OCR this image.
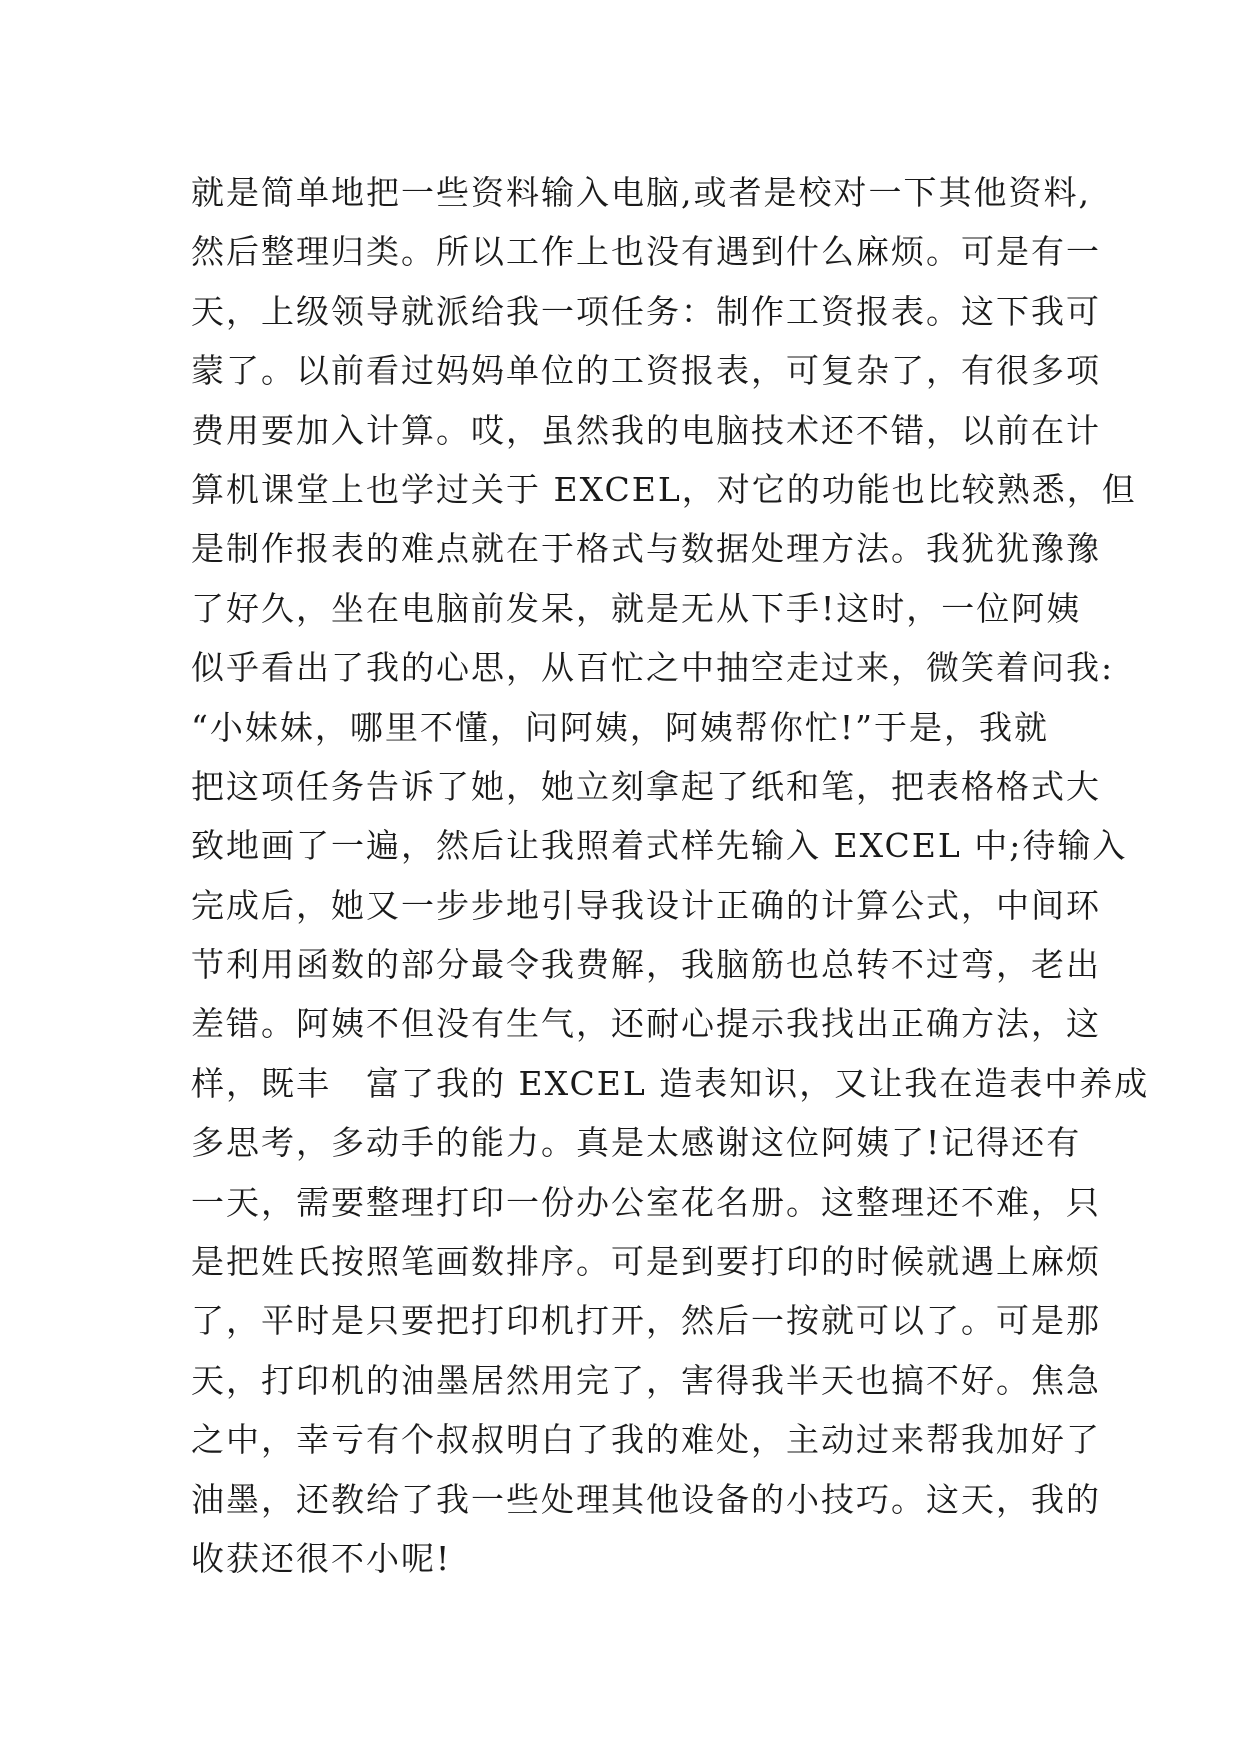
就是简单地把一些资料输入电脑,或者是校对一下其他资料,
然后整理归类。所以工作上也没有遇到什么麻烦。可是有一
天，上级领导就派给我一项任务：制作工资报表。这下我可
蒙了。以前看过妈妈单位的工资报表，可复杂了，有很多项
费用要加入计算。哎，虽然我的电脑技术还不错，以前在计
算机课堂上也学过关于 EXCEL，对它的功能也比较熟悉，但
是制作报表的难点就在于格式与数据处理方法。我犹犹豫豫
了好久，坐在电脑前发呆，就是无从下手!这时，一位阿姨
似乎看出了我的心思，从百忙之中抽空走过来，微笑着问我:
“小妹妹，哪里不懂，问阿姨，阿姨帮你忙!”于是，我就
把这项任务告诉了她，她立刻拿起了纸和笔，把表格格式大
致地画了一遍，然后让我照着式样先输入 EXCEL 中;待输入
完成后，她又一步步地引导我设计正确的计算公式，中间环
节利用函数的部分最令我费解，我脑筋也总转不过弯，老出
差错。阿姨不但没有生气，还耐心提示我找出正确方法，这
样，既丰　富了我的 EXCEL 造表知识，又让我在造表中养成
多思考，多动手的能力。真是太感谢这位阿姨了!记得还有
一天，需要整理打印一份办公室花名册。这整理还不难，只
是把姓氏按照笔画数排序。可是到要打印的时候就遇上麻烦
了，平时是只要把打印机打开，然后一按就可以了。可是那
天，打印机的油墨居然用完了，害得我半天也搞不好。焦急
之中，幸亏有个叔叔明白了我的难处，主动过来帮我加好了
油墨，还教给了我一些处理其他设备的小技巧。这天，我的
收获还很不小呢!
